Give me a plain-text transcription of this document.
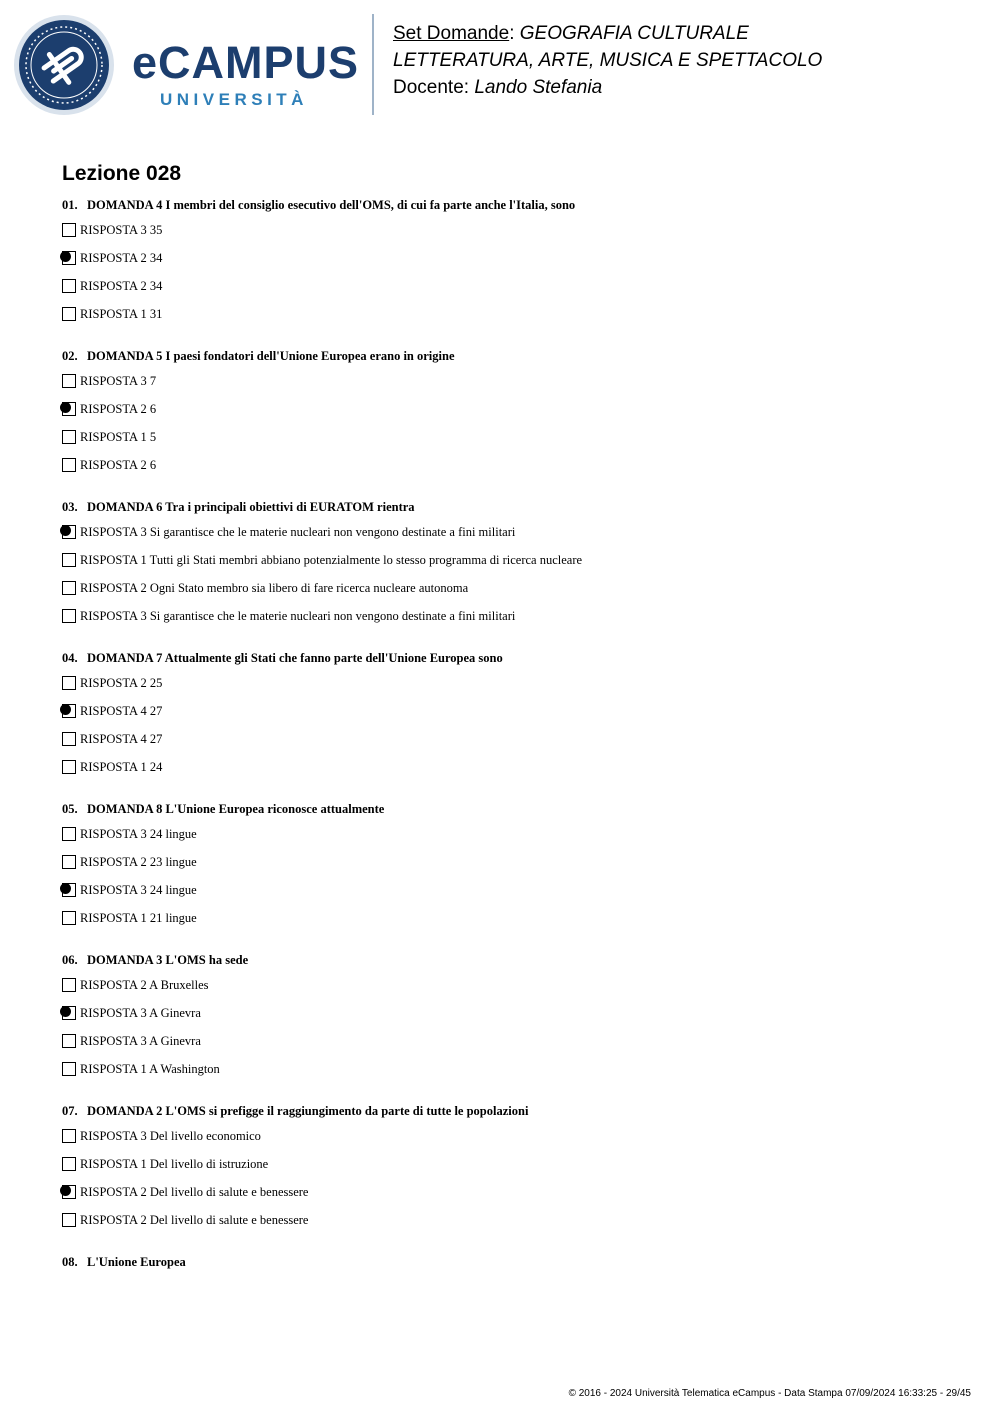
eCAMPUS
UNIVERSITÀ
Set Domande: GEOGRAFIA CULTURALE
LETTERATURA, ARTE, MUSICA E SPETTACOLO
Docente: Lando Stefania
Lezione 028
01. DOMANDA 4 I membri del consiglio esecutivo dell'OMS, di cui fa parte anche l'Italia, sono
RISPOSTA 3 35
RISPOSTA 2 34
RISPOSTA 2 34
RISPOSTA 1 31
02. DOMANDA 5 I paesi fondatori dell'Unione Europea erano in origine
RISPOSTA 3 7
RISPOSTA 2 6
RISPOSTA 1 5
RISPOSTA 2 6
03. DOMANDA 6 Tra i principali obiettivi di EURATOM rientra
RISPOSTA 3 Si garantisce che le materie nucleari non vengono destinate a fini militari
RISPOSTA 1 Tutti gli Stati membri abbiano potenzialmente lo stesso programma di ricerca nucleare
RISPOSTA 2 Ogni Stato membro sia libero di fare ricerca nucleare autonoma
RISPOSTA 3 Si garantisce che le materie nucleari non vengono destinate a fini militari
04. DOMANDA 7 Attualmente gli Stati che fanno parte dell'Unione Europea sono
RISPOSTA 2 25
RISPOSTA 4 27
RISPOSTA 4 27
RISPOSTA 1 24
05. DOMANDA 8 L'Unione Europea riconosce attualmente
RISPOSTA 3 24 lingue
RISPOSTA 2 23 lingue
RISPOSTA 3 24 lingue
RISPOSTA 1 21 lingue
06. DOMANDA 3 L'OMS ha sede
RISPOSTA 2 A Bruxelles
RISPOSTA 3 A Ginevra
RISPOSTA 3 A Ginevra
RISPOSTA 1 A Washington
07. DOMANDA 2 L'OMS si prefigge il raggiungimento da parte di tutte le popolazioni
RISPOSTA 3 Del livello economico
RISPOSTA 1 Del livello di istruzione
RISPOSTA 2 Del livello di salute e benessere
RISPOSTA 2 Del livello di salute e benessere
08. L'Unione Europea
© 2016 - 2024 Università Telematica eCampus - Data Stampa 07/09/2024 16:33:25 - 29/45
